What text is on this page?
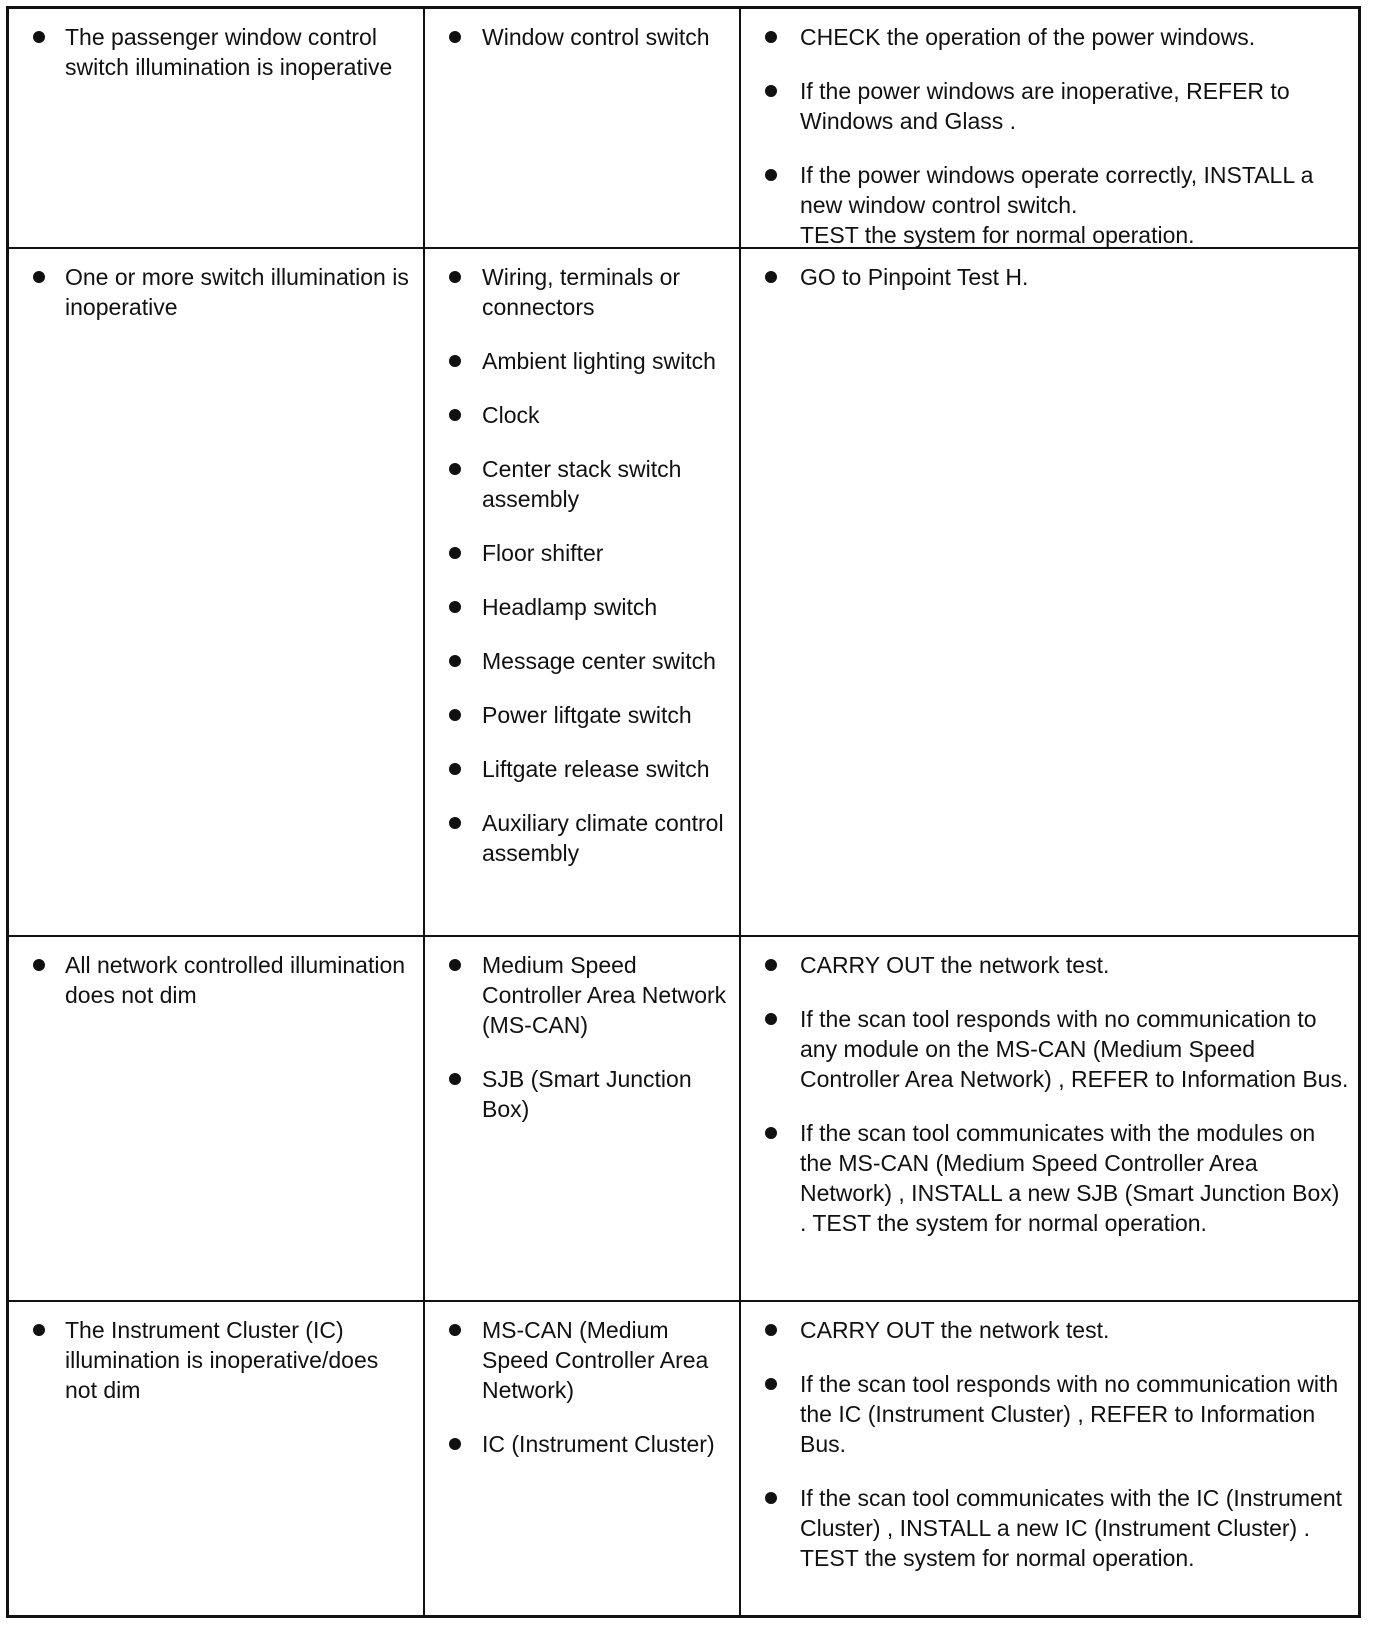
The passenger window control switch illumination is inoperative
Window control switch	CHECK the operation of the power windows.
If the power windows are inoperative, REFER to Windows and Glass .
If the power windows operate correctly, INSTALL a new window control switch.
TEST the system for normal operation.
One or more switch illumination is inoperative
Wiring, terminals or connectors
Ambient lighting switch
Clock
Center stack switch assembly
Floor shifter
Headlamp switch
Message center switch
Power liftgate switch
Liftgate release switch
Auxiliary climate control assembly
GO to Pinpoint Test H.
All network controlled illumination does not dim
Medium Speed Controller Area Network (MS-CAN)
SJB (Smart Junction Box)
CARRY OUT the network test.
If the scan tool responds with no communication to any module on the MS-CAN (Medium Speed Controller Area Network) , REFER to Information Bus.
If the scan tool communicates with the modules on the MS-CAN (Medium Speed Controller Area Network) , INSTALL a new SJB (Smart Junction Box) . TEST the system for normal operation.
The Instrument Cluster (IC) illumination is inoperative/does not dim
MS-CAN (Medium Speed Controller Area Network)
IC (Instrument Cluster)
CARRY OUT the network test.
If the scan tool responds with no communication with the IC (Instrument Cluster) , REFER to Information Bus.
If the scan tool communicates with the IC (Instrument Cluster) , INSTALL a new IC (Instrument Cluster) .
TEST the system for normal operation.
